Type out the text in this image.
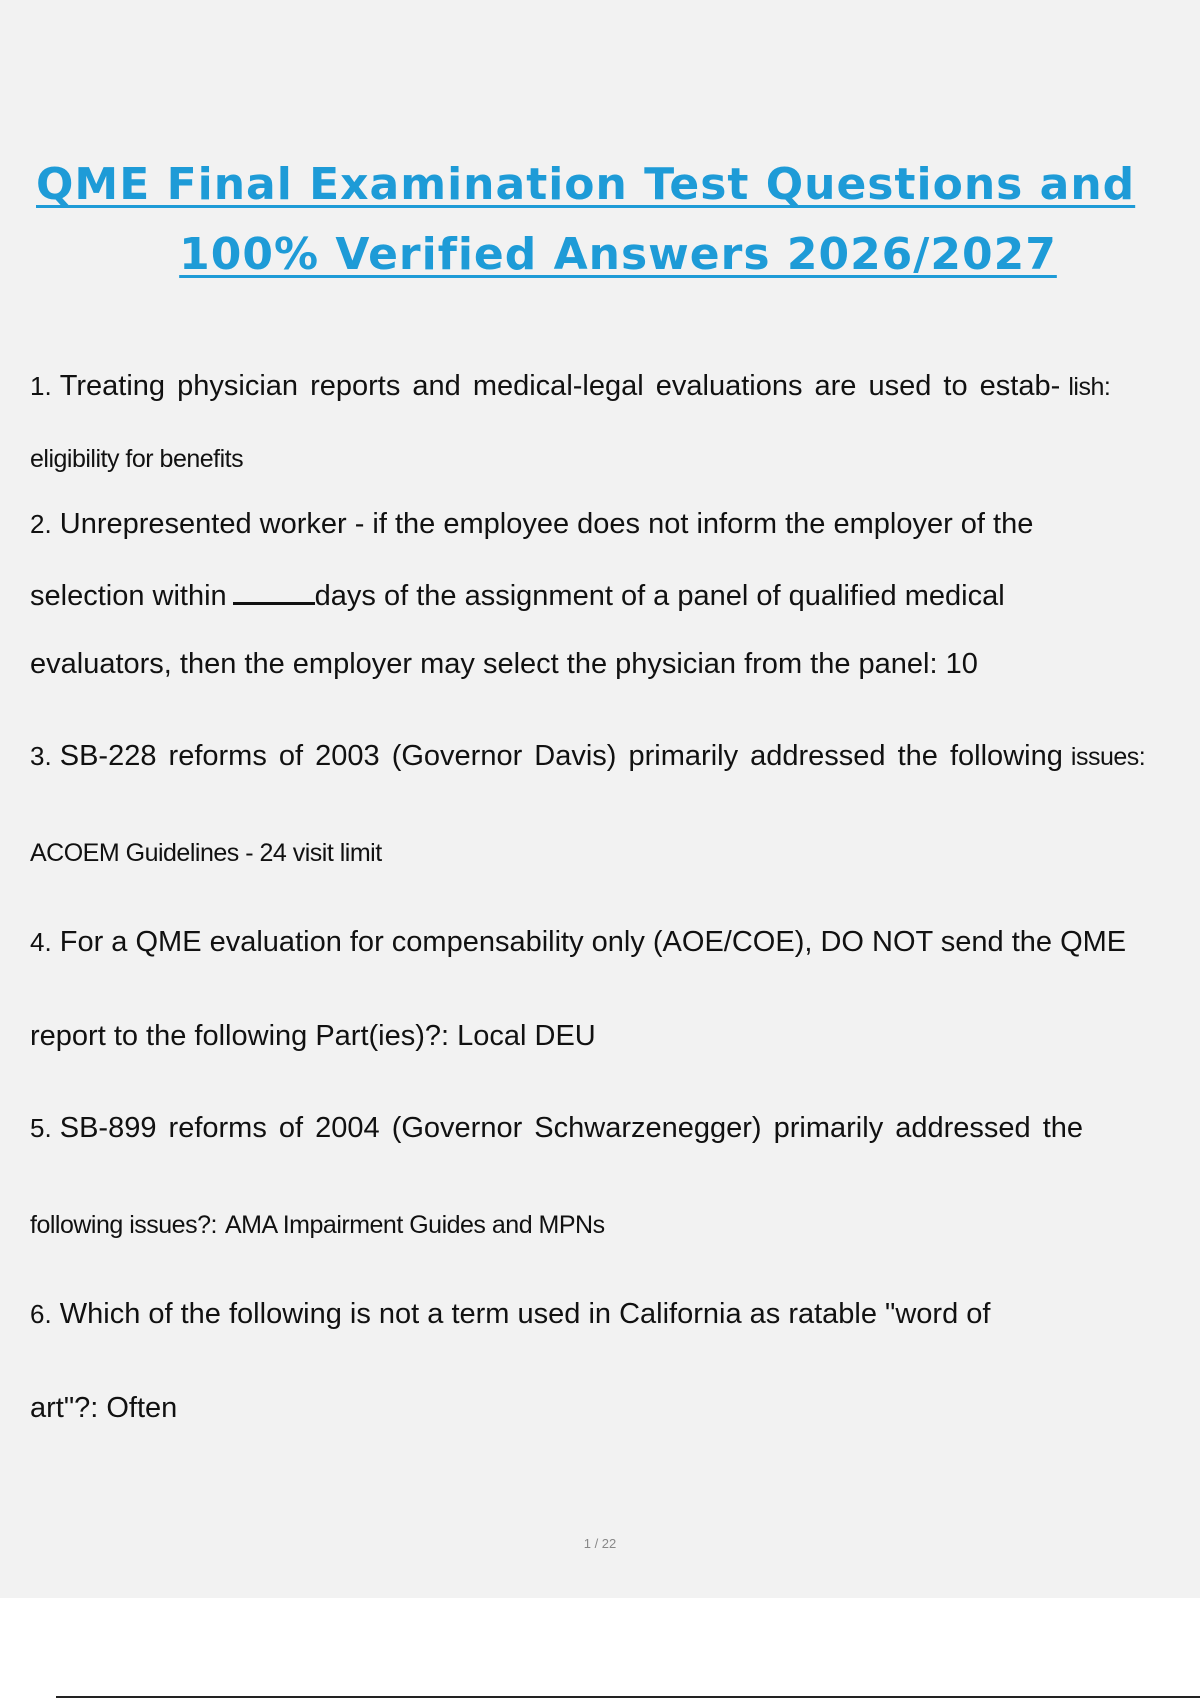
QME Final Examination Test Questions and
100% Verified Answers 2026/2027
1. Treating physician reports and medical-legal evaluations are used to estab- lish:
eligibility for benefits
2. Unrepresented worker - if the employee does not inform the employer of the
selection within	days of the assignment of a panel of qualified medical
evaluators, then the employer may select the physician from the panel: 10
3. SB-228 reforms of 2003 (Governor Davis) primarily addressed the following issues:
ACOEM Guidelines - 24 visit limit
4. For a QME evaluation for compensability only (AOE/COE), DO NOT send the QME
report to the following Part(ies)?: Local DEU
5. SB-899 reforms of 2004 (Governor Schwarzenegger) primarily addressed the
following issues?: AMA Impairment Guides and MPNs
6. Which of the following is not a term used in California as ratable "word of
art"?: Often
1 / 22
